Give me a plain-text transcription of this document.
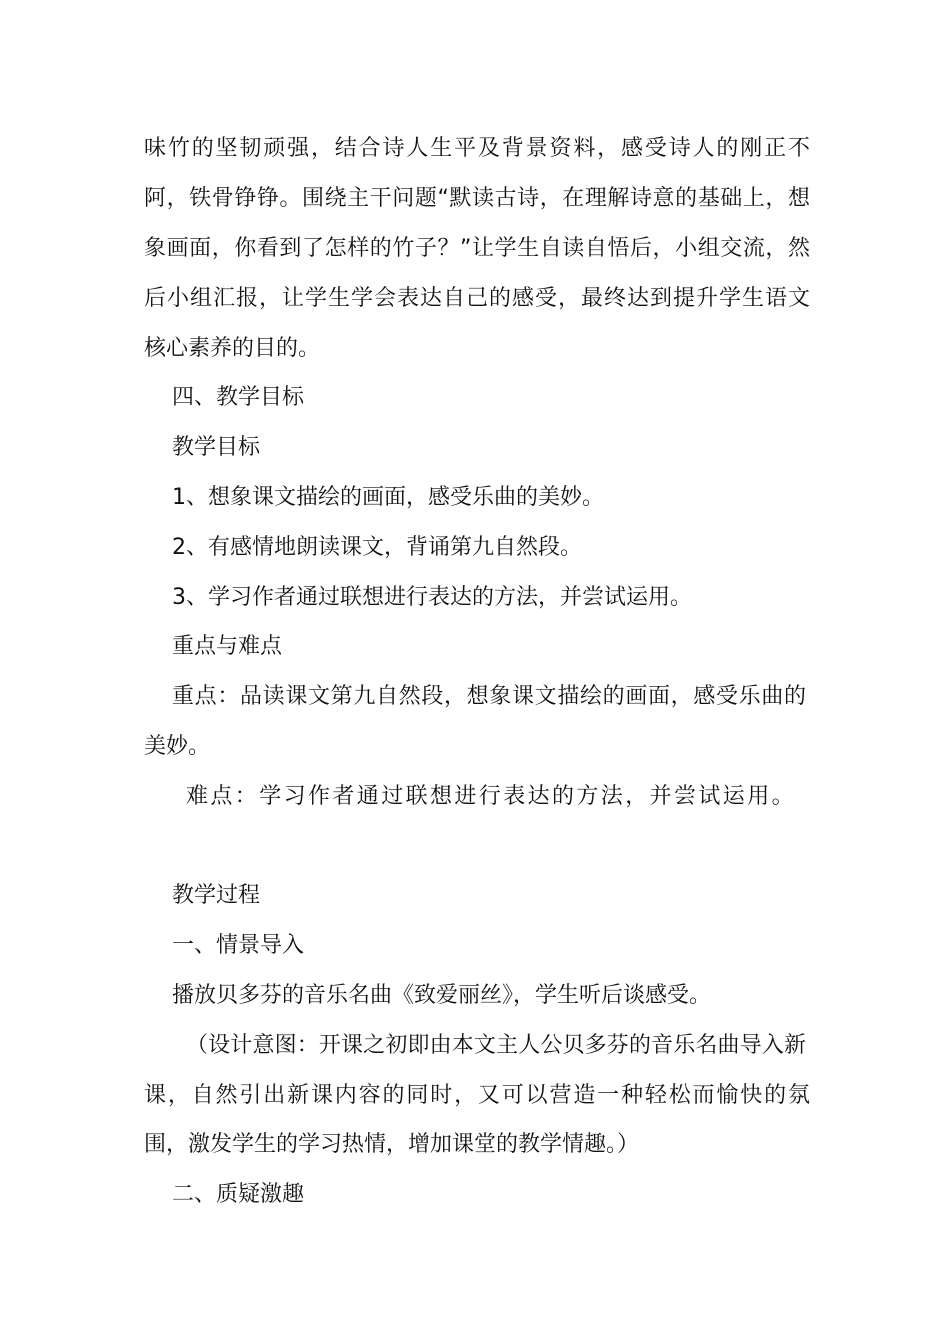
味竹的坚韧顽强，结合诗人生平及背景资料，感受诗人的刚正不
阿，铁骨铮铮。围绕主干问题“默读古诗，在理解诗意的基础上，想
象画面，你看到了怎样的竹子？”让学生自读自悟后，小组交流，然
后小组汇报，让学生学会表达自己的感受，最终达到提升学生语文
核心素养的目的。
四、教学目标
教学目标
1、想象课文描绘的画面，感受乐曲的美妙。
2、有感情地朗读课文，背诵第九自然段。
3、学习作者通过联想进行表达的方法，并尝试运用。
重点与难点
重点：品读课文第九自然段，想象课文描绘的画面，感受乐曲的
美妙。
难点：学习作者通过联想进行表达的方法，并尝试运用。
教学过程
一、情景导入
播放贝多芬的音乐名曲《致爱丽丝》，学生听后谈感受。
（设计意图：开课之初即由本文主人公贝多芬的音乐名曲导入新
课，自然引出新课内容的同时，又可以营造一种轻松而愉快的氛
围，激发学生的学习热情，增加课堂的教学情趣。）
二、质疑激趣
